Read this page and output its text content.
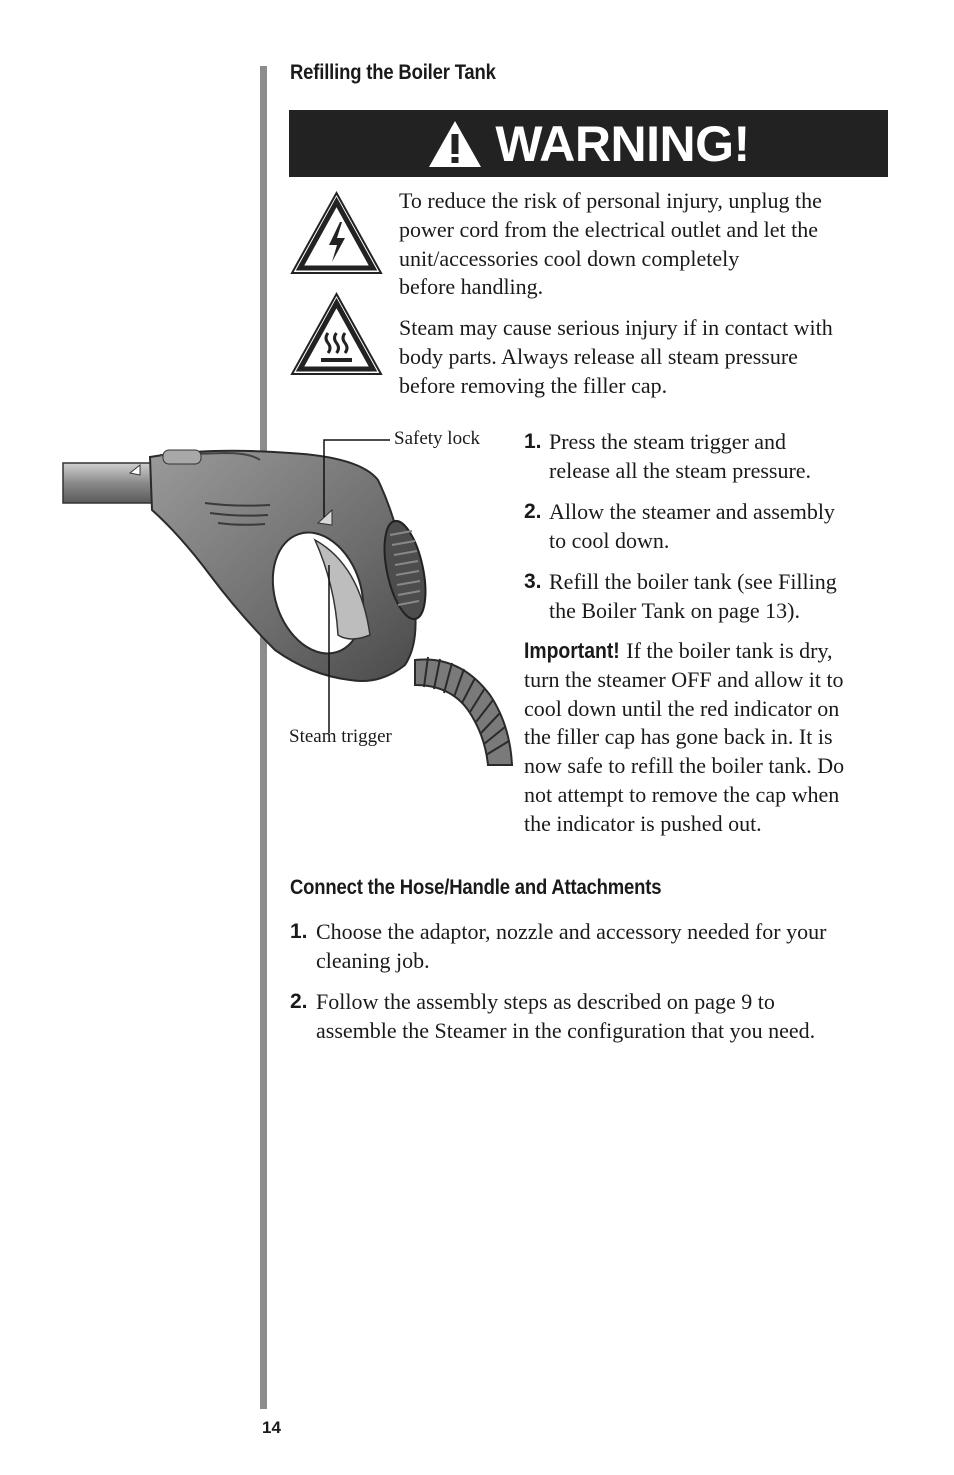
Refilling the Boiler Tank
WARNING!
To reduce the risk of personal injury, unplug the
power cord from the electrical outlet and let the
unit/accessories cool down completely
before handling.
Steam may cause serious injury if in contact with
body parts. Always release all steam pressure
before removing the filler cap.
Safety lock
Steam trigger
1. Press the steam trigger and
release all the steam pressure.
2. Allow the steamer and assembly
to cool down.
3. Refill the boiler tank (see Filling
the Boiler Tank on page 13).
Important! If the boiler tank is dry,
turn the steamer OFF and allow it to
cool down until the red indicator on
the filler cap has gone back in. It is
now safe to refill the boiler tank. Do
not attempt to remove the cap when
the indicator is pushed out.
Connect the Hose/Handle and Attachments
1. Choose the adaptor, nozzle and accessory needed for your
cleaning job.
2. Follow the assembly steps as described on page 9 to
assemble the Steamer in the configuration that you need.
14
